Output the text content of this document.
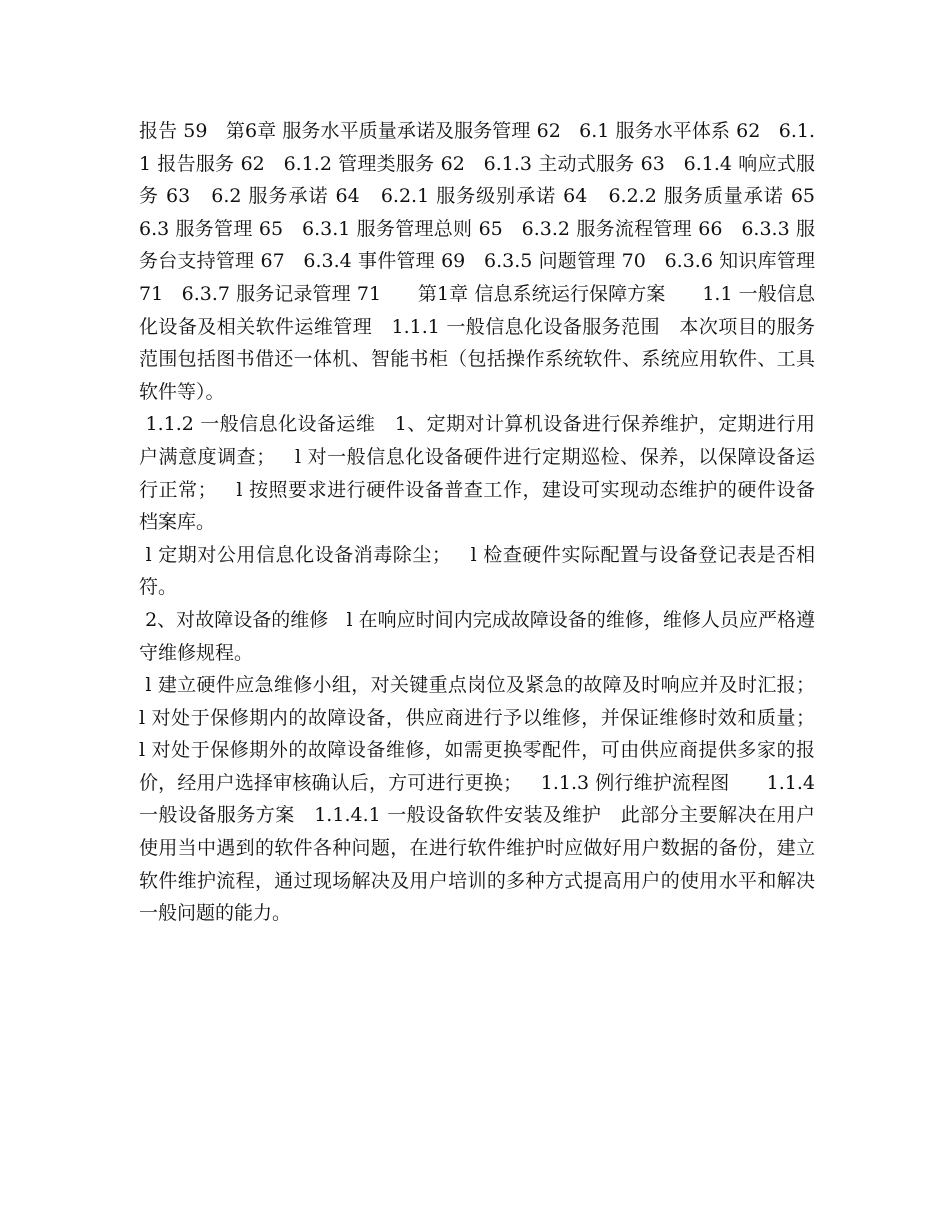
报告 59   第6章 服务水平质量承诺及服务管理 62   6.1 服务水平体系 62   6.1.1 报告服务 62   6.1.2 管理类服务 62   6.1.3 主动式服务 63   6.1.4 响应式服务 63   6.2 服务承诺 64   6.2.1 服务级别承诺 64   6.2.2 服务质量承诺 65   6.3 服务管理 65   6.3.1 服务管理总则 65   6.3.2 服务流程管理 66   6.3.3 服务台支持管理 67   6.3.4 事件管理 69   6.3.5 问题管理 70   6.3.6 知识库管理 71   6.3.7 服务记录管理 71      第1章 信息系统运行保障方案      1.1 一般信息化设备及相关软件运维管理   1.1.1 一般信息化设备服务范围   本次项目的服务范围包括图书借还一体机、智能书柜（包括操作系统软件、系统应用软件、工具软件等）。

1.1.2 一般信息化设备运维   1、定期对计算机设备进行保养维护，定期进行用户满意度调查；   l 对一般信息化设备硬件进行定期巡检、保养，以保障设备运行正常；   l 按照要求进行硬件设备普查工作，建设可实现动态维护的硬件设备档案库。

l 定期对公用信息化设备消毒除尘；   l 检查硬件实际配置与设备登记表是否相符。

2、对故障设备的维修   l 在响应时间内完成故障设备的维修，维修人员应严格遵守维修规程。

l 建立硬件应急维修小组，对关键重点岗位及紧急的故障及时响应并及时汇报；   l 对处于保修期内的故障设备，供应商进行予以维修，并保证维修时效和质量；   l 对处于保修期外的故障设备维修，如需更换零配件，可由供应商提供多家的报价，经用户选择审核确认后，方可进行更换；   1.1.3 例行维护流程图      1.1.4 一般设备服务方案   1.1.4.1 一般设备软件安装及维护   此部分主要解决在用户使用当中遇到的软件各种问题，在进行软件维护时应做好用户数据的备份，建立软件维护流程，通过现场解决及用户培训的多种方式提高用户的使用水平和解决一般问题的能力。
